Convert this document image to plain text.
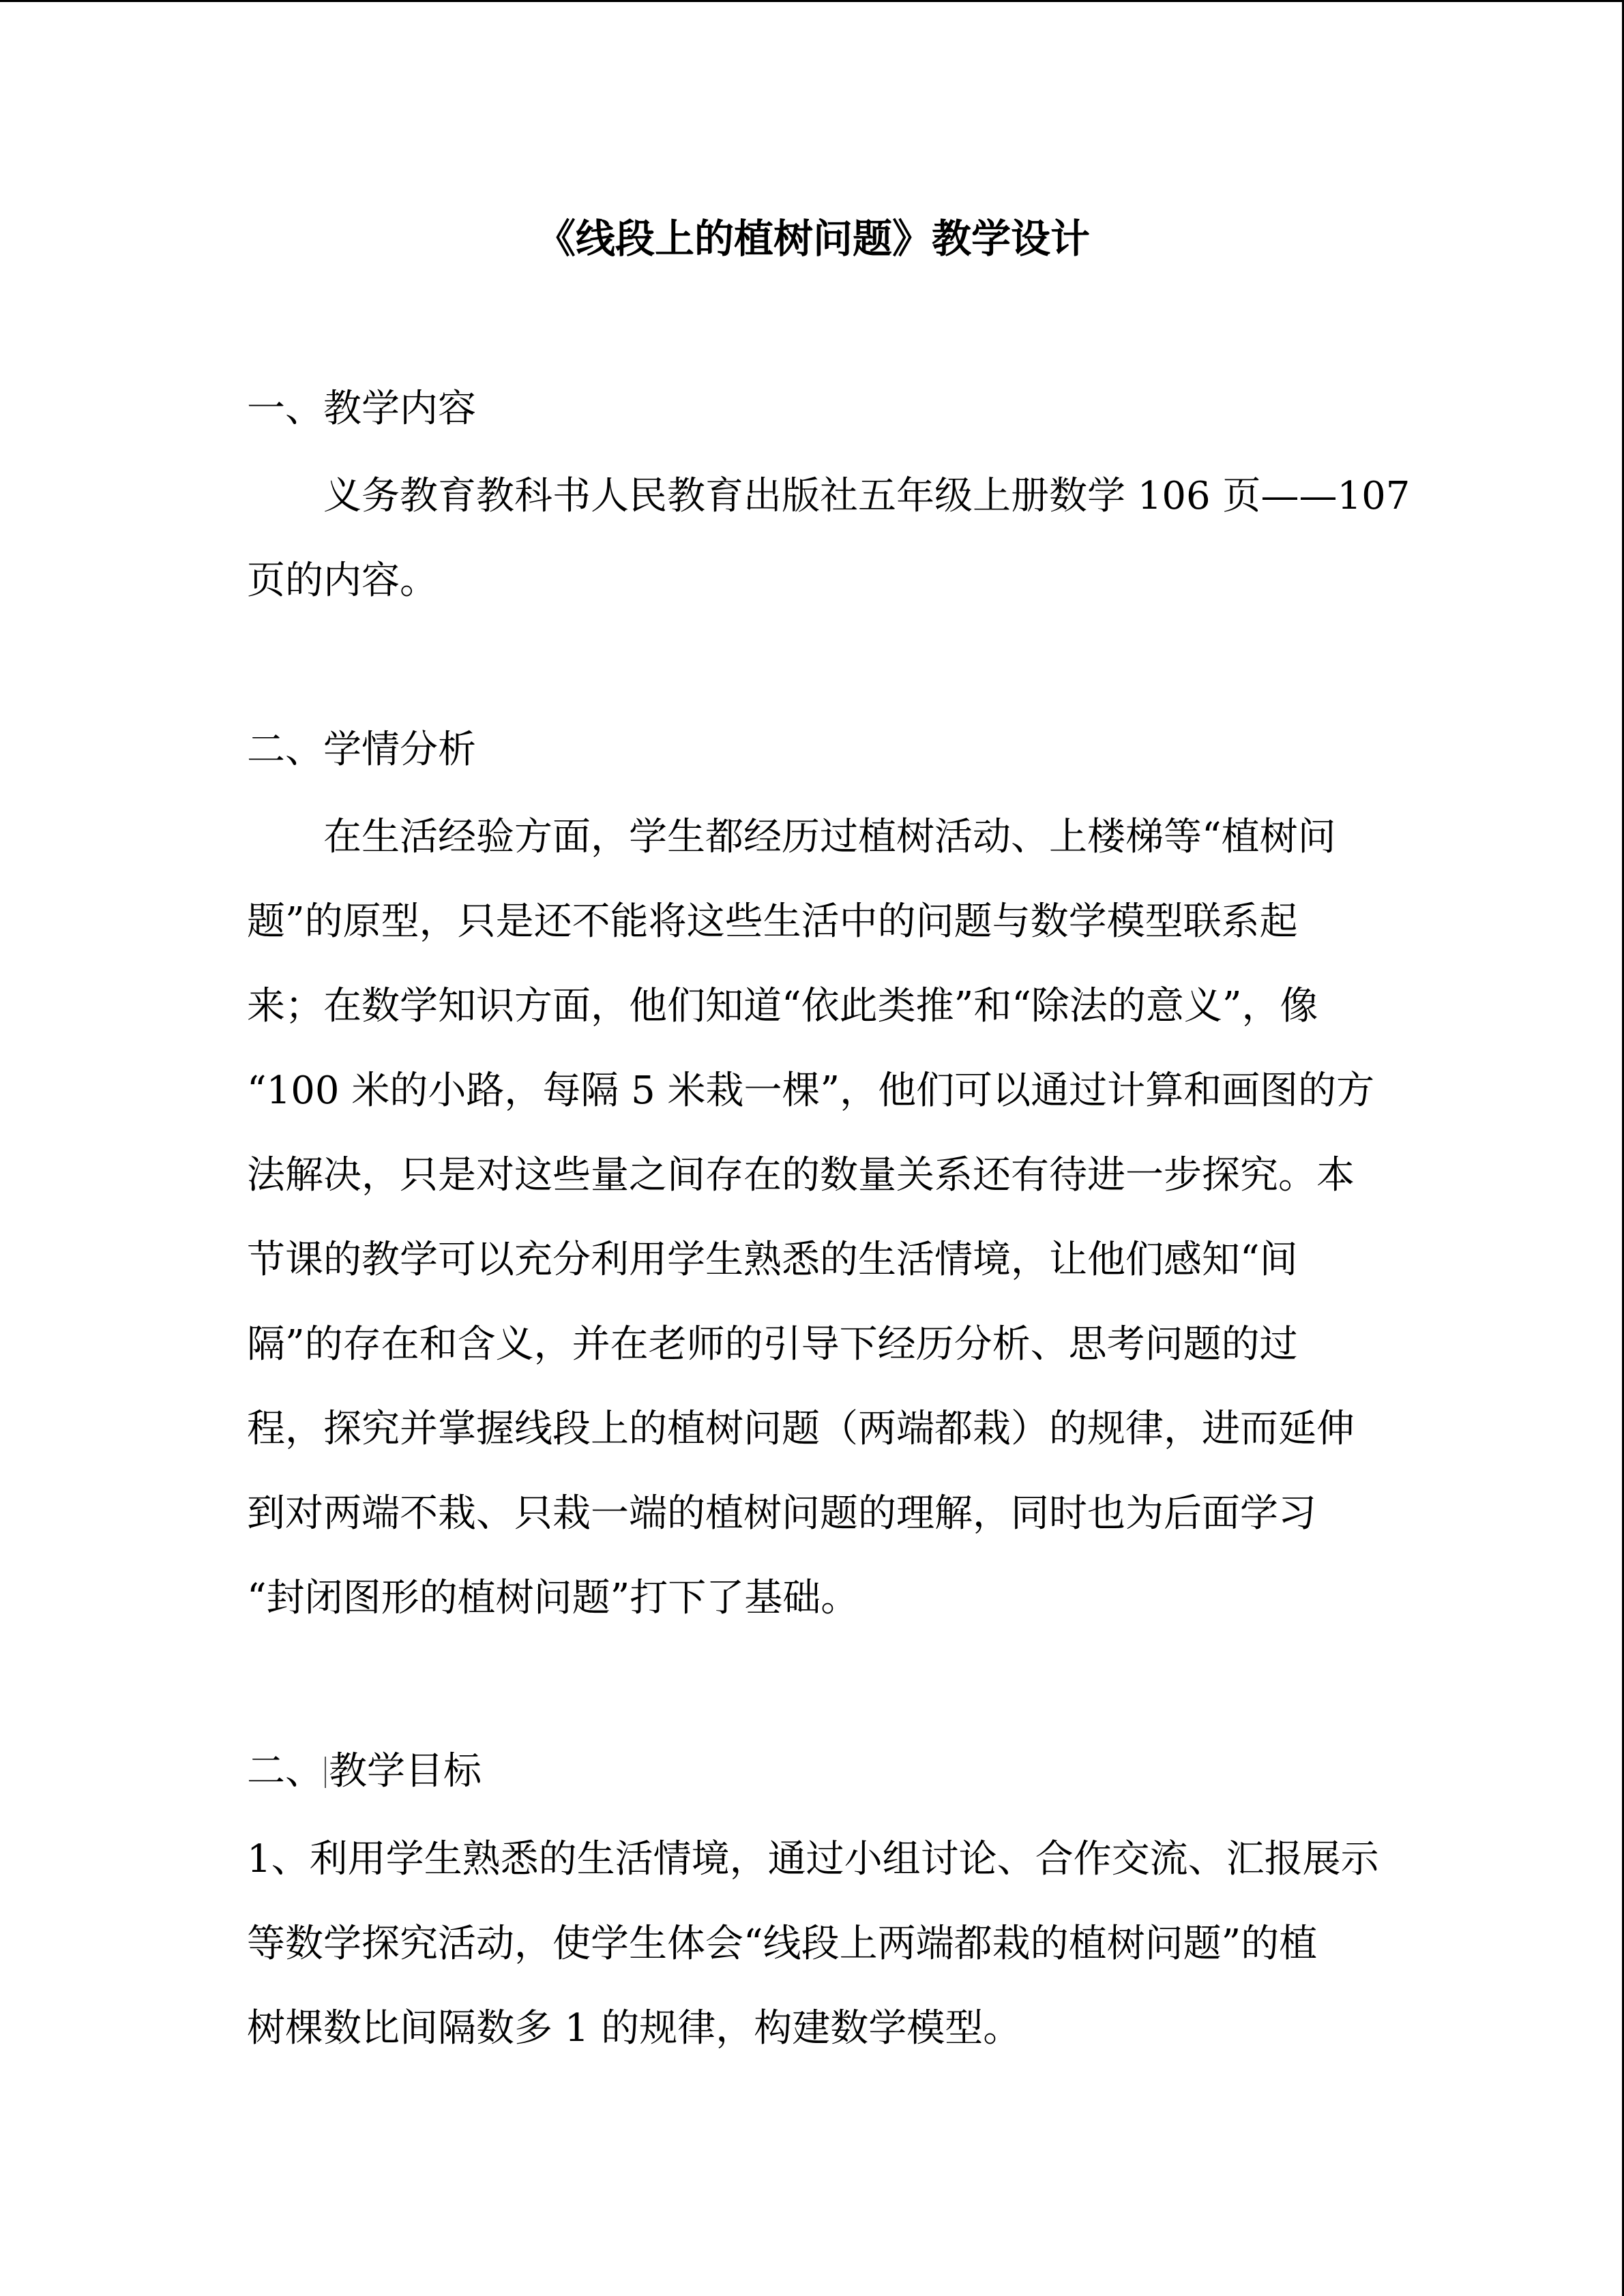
《线段上的植树问题》教学设计
一、教学内容
义务教育教科书人民教育出版社五年级上册数学 106 页——107
页的内容。
二、学情分析
在生活经验方面，学生都经历过植树活动、上楼梯等“植树问
题”的原型，只是还不能将这些生活中的问题与数学模型联系起
来；在数学知识方面，他们知道“依此类推”和“除法的意义”，像
“100 米的小路，每隔 5 米栽一棵”，他们可以通过计算和画图的方
法解决，只是对这些量之间存在的数量关系还有待进一步探究。本
节课的教学可以充分利用学生熟悉的生活情境，让他们感知“间
隔”的存在和含义，并在老师的引导下经历分析、思考问题的过
程，探究并掌握线段上的植树问题（两端都栽）的规律，进而延伸
到对两端不栽、只栽一端的植树问题的理解，同时也为后面学习
“封闭图形的植树问题”打下了基础。
二、 教学目标
1、利用学生熟悉的生活情境，通过小组讨论、合作交流、汇报展示
等数学探究活动，使学生体会“线段上两端都栽的植树问题”的植
树棵数比间隔数多 1 的规律，构建数学模型。
